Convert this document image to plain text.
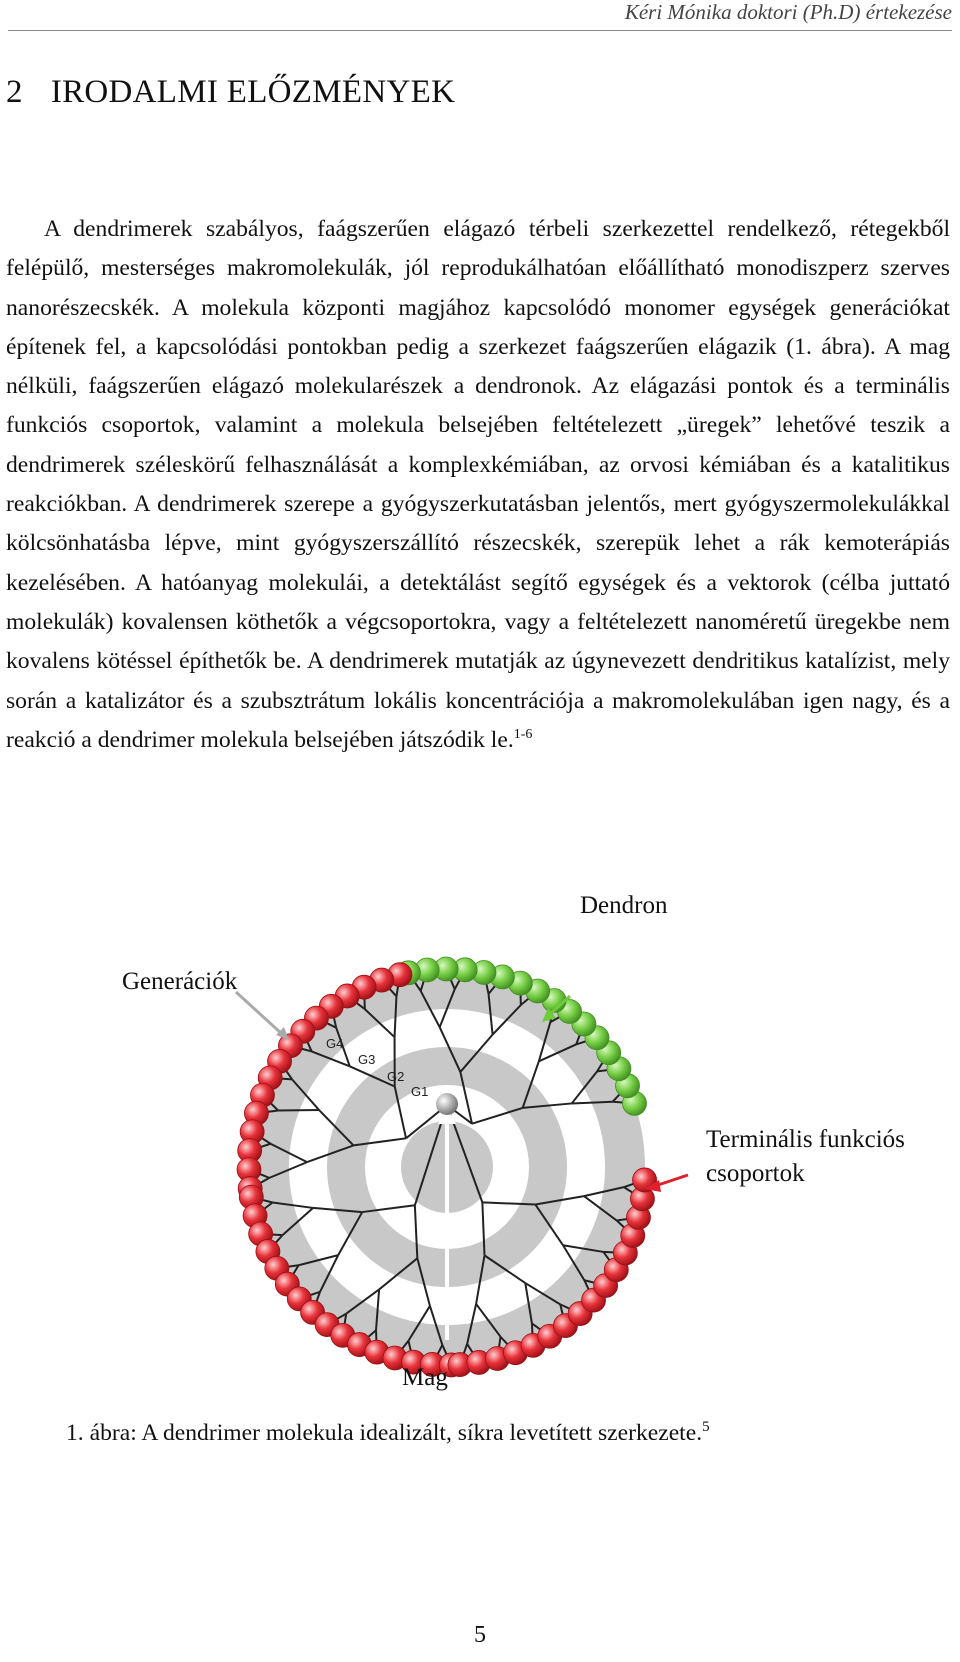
Kéri Mónika doktori (Ph.D) értekezése
2 IRODALMI ELŐZMÉNYEK
A dendrimerek szabályos, faágszerűen elágazó térbeli szerkezettel rendelkező, rétegekből felépülő, mesterséges makromolekulák, jól reprodukálhatóan előállítható monodiszperz szerves nanorészecskék. A molekula központi magjához kapcsolódó monomer egységek generációkat építenek fel, a kapcsolódási pontokban pedig a szerkezet faágszerűen elágazik (1. ábra). A mag nélküli, faágszerűen elágazó molekularészek a dendronok. Az elágazási pontok és a terminális funkciós csoportok, valamint a molekula belsejében feltételezett „üregek” lehetővé teszik a dendrimerek széleskörű felhasználását a komplexkémiában, az orvosi kémiában és a katalitikus reakciókban. A dendrimerek szerepe a gyógyszerkutatásban jelentős, mert gyógyszermolekulákkal kölcsönhatásba lépve, mint gyógyszerszállító részecskék, szerepük lehet a rák kemoterápiás kezelésében. A hatóanyag molekulái, a detektálást segítő egységek és a vektorok (célba juttató molekulák) kovalensen köthetők a végcsoportokra, vagy a feltételezett nanoméretű üregekbe nem kovalens kötéssel építhetők be. A dendrimerek mutatják az úgynevezett dendritikus katalízist, mely során a katalizátor és a szubsztrátum lokális koncentrációja a makromolekulában igen nagy, és a reakció a dendrimer molekula belsejében játszódik le.$^{1-6}$
G4
G3
G2
G1
Dendron
Generációk
Terminális funkciós
csoportok
Mag
1. ábra: A dendrimer molekula idealizált, síkra levetített szerkezete.$^5$
5
